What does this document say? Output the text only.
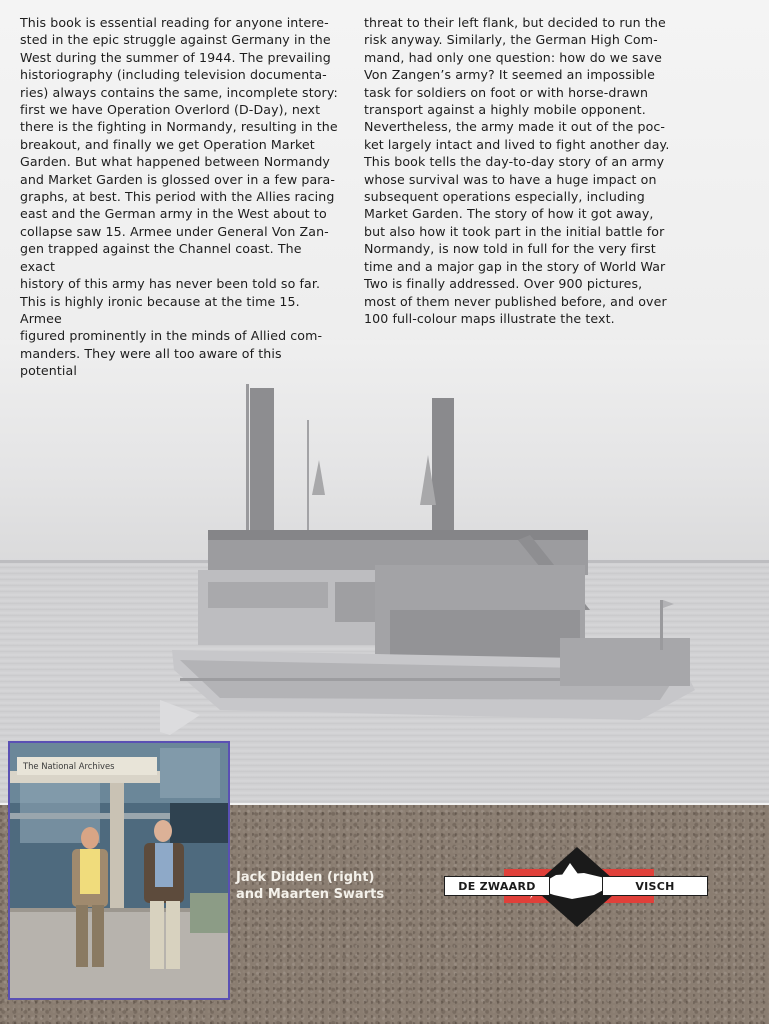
This book is essential reading for anyone intere-
sted in the epic struggle against Germany in the
West during the summer of 1944. The prevailing
historiography (including television documenta-
ries) always contains the same, incomplete story:
first we have Operation Overlord (D-Day), next
there is the fighting in Normandy, resulting in the
breakout, and finally we get Operation Market
Garden. But what happened between Normandy
and Market Garden is glossed over in a few para-
graphs, at best. This period with the Allies racing
east and the German army in the West about to
collapse saw 15. Armee under General Von Zan-
gen trapped against the Channel coast. The exact
history of this army has never been told so far.
This is highly ironic because at the time 15. Armee
figured prominently in the minds of Allied com-
manders. They were all too aware of this potential
threat to their left flank, but decided to run the
risk anyway. Similarly, the German High Com-
mand, had only one question: how do we save
Von Zangen’s army? It seemed an impossible
task for soldiers on foot or with horse-drawn
transport against a highly mobile opponent.
Nevertheless, the army made it out of the poc-
ket largely intact and lived to fight another day.
This book tells the day-to-day story of an army
whose survival was to have a huge impact on
subsequent operations especially, including
Market Garden. The story of how it got away,
but also how it took part in the initial battle for
Normandy, is now told in full for the very first
time and a major gap in the story of World War
Two is finally addressed. Over 900 pictures,
most of them never published before, and over
100 full-colour maps illustrate the text.
The National Archives
Jack Didden (right)
and Maarten Swarts
DE ZWAARD	VISCH
